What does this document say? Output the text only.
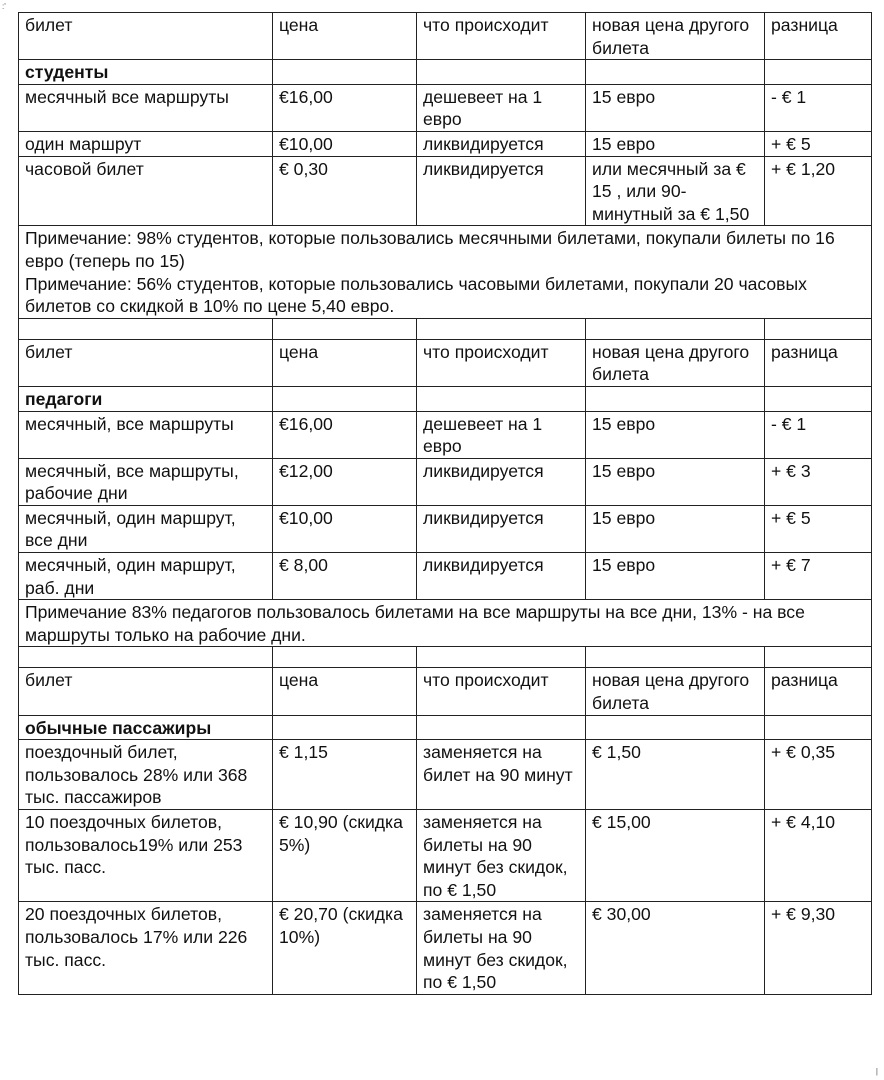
:'
|
билет	цена	что происходит	новая цена другого билета	разница
студенты				
месячный все маршруты	€16,00	дешевеет на 1 евро	15 евро	- € 1
один маршрут	€10,00	ликвидируется	15 евро	+ € 5
часовой билет	€ 0,30	ликвидируется	или месячный за € 15 , или 90-минутный за € 1,50	+ € 1,20

Примечание: 98% студентов, которые пользовались месячными билетами, покупали билеты по 16 евро (теперь по 15)
Примечание: 56% студентов, которые пользовались часовыми билетами, покупали 20 часовых билетов со скидкой в 10% по цене 5,40 евро.				

билет	цена	что происходит	новая цена другого билета	разница
педагоги				
месячный, все маршруты	€16,00	дешевеет на 1 евро	15 евро	- € 1
месячный, все маршруты, рабочие дни	€12,00	ликвидируется	15 евро	+ € 3
месячный, один маршрут, все дни	€10,00	ликвидируется	15 евро	+ € 5
месячный, один маршрут, раб. дни	€ 8,00	ликвидируется	15 евро	+ € 7

Примечание 83% педагогов пользовалось билетами на все маршруты на все дни, 13% - на все маршруты только на рабочие дни.				

билет	цена	что происходит	новая цена другого билета	разница
обычные пассажиры				
поездочный билет, пользовалось 28% или 368 тыс. пассажиров	€ 1,15	заменяется на билет на 90 минут	€ 1,50	+ € 0,35
10 поездочных билетов, пользовалось19% или 253 тыс. пасс.	€ 10,90 (скидка 5%)	заменяется на билеты на 90 минут без скидок, по € 1,50	€ 15,00	+ € 4,10
20 поездочных билетов, пользовалось 17% или 226 тыс. пасс.	€ 20,70 (скидка 10%)	заменяется на билеты на 90 минут без скидок, по € 1,50	€ 30,00	+ € 9,30
